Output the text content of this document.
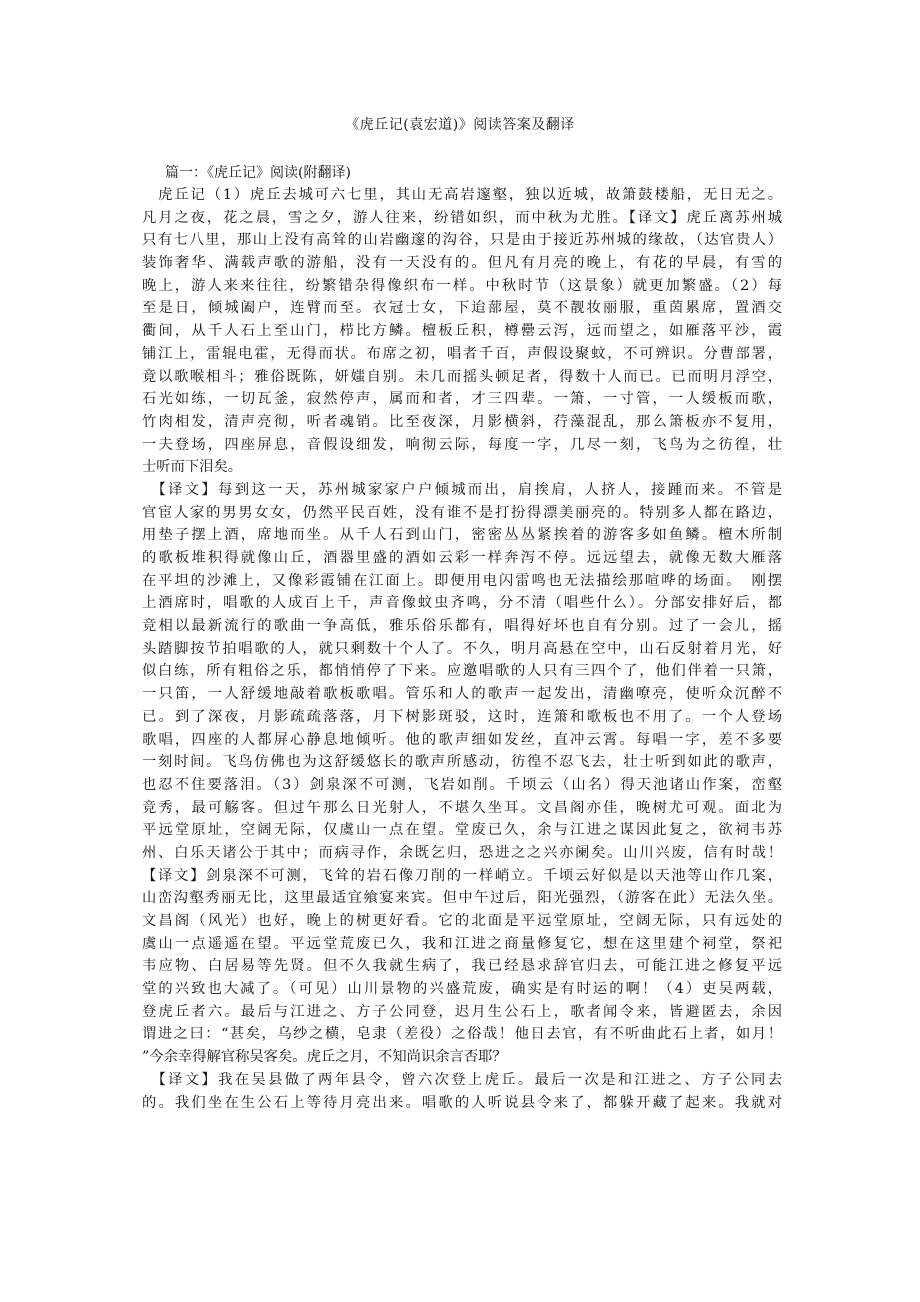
《虎丘记(袁宏道)》阅读答案及翻译
篇一：《虎丘记》阅读(附翻译)
　虎丘记（1）虎丘去城可六七里，其山无高岩邃壑，独以近城，故箫鼓楼船，无日无之。
凡月之夜，花之晨，雪之夕，游人往来，纷错如织，而中秋为尤胜。【译文】虎丘离苏州城
只有七八里，那山上没有高耸的山岩幽邃的沟谷，只是由于接近苏州城的缘故，（达官贵人）
装饰奢华、满载声歌的游船，没有一天没有的。但凡有月亮的晚上，有花的早晨，有雪的
晚上，游人来来往往，纷繁错杂得像织布一样。中秋时节（这景象）就更加繁盛。（2）每
至是日，倾城阖户，连臂而至。衣冠士女，下迨蔀屋，莫不靓妆丽服，重茵累席，置酒交
衢间，从千人石上至山门，栉比方鳞。檀板丘积，樽罍云泻，远而望之，如雁落平沙，霞
铺江上，雷辊电霍，无得而状。布席之初，唱者千百，声假设聚蚊，不可辨识。分曹部署，
竟以歌喉相斗；雅俗既陈，妍媸自别。未几而摇头顿足者，得数十人而已。已而明月浮空，
石光如练，一切瓦釜，寂然停声，属而和者，才三四辈。一箫，一寸管，一人缓板而歌，
竹肉相发，清声亮彻，听者魂销。比至夜深，月影横斜，荇藻混乱，那么箫板亦不复用，
一夫登场，四座屏息，音假设细发，响彻云际，每度一字，几尽一刻，飞鸟为之彷徨，壮
士听而下泪矣。
　【译文】每到这一天，苏州城家家户户倾城而出，肩挨肩，人挤人，接踵而来。不管是
官宦人家的男男女女，仍然平民百姓，没有谁不是打扮得漂美丽亮的。特别多人都在路边，
用垫子摆上酒，席地而坐。从千人石到山门，密密丛丛紧挨着的游客多如鱼鳞。檀木所制
的歌板堆积得就像山丘，酒器里盛的酒如云彩一样奔泻不停。远远望去，就像无数大雁落
在平坦的沙滩上，又像彩霞铺在江面上。即便用电闪雷鸣也无法描绘那喧哗的场面。　刚摆
上酒席时，唱歌的人成百上千，声音像蚊虫齐鸣，分不清（唱些什么）。分部安排好后，都
竞相以最新流行的歌曲一争高低，雅乐俗乐都有，唱得好坏也自有分别。过了一会儿，摇
头踏脚按节拍唱歌的人，就只剩数十个人了。不久，明月高悬在空中，山石反射着月光，好
似白练，所有粗俗之乐，都悄悄停了下来。应邀唱歌的人只有三四个了，他们伴着一只箫，
一只笛，一人舒缓地敲着歌板歌唱。管乐和人的歌声一起发出，清幽嘹亮，使听众沉醉不
已。到了深夜，月影疏疏落落，月下树影斑驳，这时，连箫和歌板也不用了。一个人登场
歌唱，四座的人都屏心静息地倾听。他的歌声细如发丝，直冲云霄。每唱一字，差不多要
一刻时间。飞鸟仿佛也为这舒缓悠长的歌声所感动，彷徨不忍飞去，壮士听到如此的歌声，
也忍不住要落泪。（3）剑泉深不可测，飞岩如削。千顷云（山名）得天池诸山作案，峦壑
竞秀，最可觞客。但过午那么日光射人，不堪久坐耳。文昌阁亦佳，晚树尤可观。面北为
平远堂原址，空阔无际，仅虞山一点在望。堂废已久，余与江进之谋因此复之，欲祠韦苏
州、白乐天诸公于其中；而病寻作，余既乞归，恐进之之兴亦阑矣。山川兴废，信有时哉！
【译文】剑泉深不可测，飞耸的岩石像刀削的一样峭立。千顷云好似是以天池等山作几案，
山峦沟壑秀丽无比，这里最适宜飨宴来宾。但中午过后，阳光强烈，（游客在此）无法久坐。
文昌阁（风光）也好，晚上的树更好看。它的北面是平远堂原址，空阔无际，只有远处的
虞山一点遥遥在望。平远堂荒废已久，我和江进之商量修复它，想在这里建个祠堂，祭祀
韦应物、白居易等先贤。但不久我就生病了，我已经恳求辞官归去，可能江进之修复平远
堂的兴致也大减了。（可见）山川景物的兴盛荒废，确实是有时运的啊！（4）吏吴两载，
登虎丘者六。最后与江进之、方子公同登，迟月生公石上，歌者闻令来，皆避匿去，余因
谓进之曰：“甚矣，乌纱之横，皂隶（差役）之俗哉！他日去官，有不听曲此石上者，如月！
”今余幸得解官称吴客矣。虎丘之月，不知尚识余言否耶？
　【译文】我在吴县做了两年县令，曾六次登上虎丘。最后一次是和江进之、方子公同去
的。我们坐在生公石上等待月亮出来。唱歌的人听说县令来了，都躲开藏了起来。我就对
